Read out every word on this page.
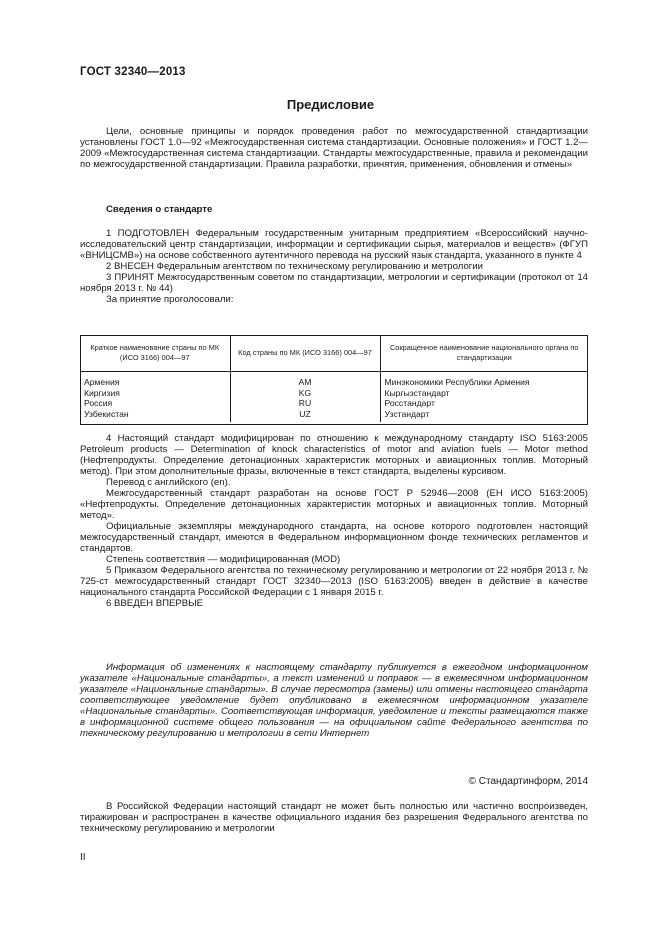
ГОСТ 32340—2013
Предисловие

Цели, основные принципы и порядок проведения работ по межгосударственной стандартизации установлены ГОСТ 1.0—92 «Межгосударственная система стандартизации. Основные положения» и ГОСТ 1.2—2009 «Межгосударственная система стандартизации. Стандарты межгосударственные, правила и рекомендации по межгосударственной стандартизации. Правила разработки, принятия, применения, обновления и отмены»

Сведения о стандарте

1 ПОДГОТОВЛЕН Федеральным государственным унитарным предприятием «Всероссийский научно-исследовательский центр стандартизации, информации и сертификации сырья, материалов и веществ» (ФГУП «ВНИЦСМВ») на основе собственного аутентичного перевода на русский язык стандарта, указанного в пункте 4

2 ВНЕСЕН Федеральным агентством по техническому регулированию и метрологии

3 ПРИНЯТ Межгосударственным советом по стандартизации, метрологии и сертификации (протокол от 14 ноября 2013 г. № 44)

За принятие проголосовали:

Краткое наименование страны по МК (ИСО 3166) 004—97	Код страны по МК (ИСО 3166) 004—97	Сокращенное наименование национального органа по стандартизации
Армения	AM	Минэкономики Республики Армения
Киргизия	KG	Кыргызстандарт
Россия	RU	Росстандарт
Узбекистан	UZ	Узстандарт

4 Настоящий стандарт модифицирован по отношению к международному стандарту ISO 5163:2005 Petroleum products — Determination of knock characteristics of motor and aviation fuels — Motor method (Нефтепродукты. Определение детонационных характеристик моторных и авиационных топлив. Моторный метод). При этом дополнительные фразы, включенные в текст стандарта, выделены курсивом.

Перевод с английского (en).

Межгосударственный стандарт разработан на основе ГОСТ Р 52946—2008 (ЕН ИСО 5163:2005) «Нефтепродукты. Определение детонационных характеристик моторных и авиационных топлив. Моторный метод».

Официальные экземпляры международного стандарта, на основе которого подготовлен настоящий межгосударственный стандарт, имеются в Федеральном информационном фонде технических регламентов и стандартов.

Степень соответствия — модифицированная (MOD)

5 Приказом Федерального агентства по техническому регулированию и метрологии от 22 ноября 2013 г. № 725-ст межгосударственный стандарт ГОСТ 32340—2013 (ISO 5163:2005) введен в действие в качестве национального стандарта Российской Федерации с 1 января 2015 г.

6 ВВЕДЕН ВПЕРВЫЕ

Информация об изменениях к настоящему стандарту публикуется в ежегодном информационном указателе «Национальные стандарты», а текст изменений и поправок — в ежемесячном информационном указателе «Национальные стандарты». В случае пересмотра (замены) или отмены настоящего стандарта соответствующее уведомление будет опубликовано в ежемесячном информационном указателе «Национальные стандарты». Соответствующая информация, уведомление и тексты размещаются также в информационной системе общего пользования — на официальном сайте Федерального агентства по техническому регулированию и метрологии в сети Интернет

© Стандартинформ, 2014

В Российской Федерации настоящий стандарт не может быть полностью или частично воспроизведен, тиражирован и распространен в качестве официального издания без разрешения Федерального агентства по техническому регулированию и метрологии

II
